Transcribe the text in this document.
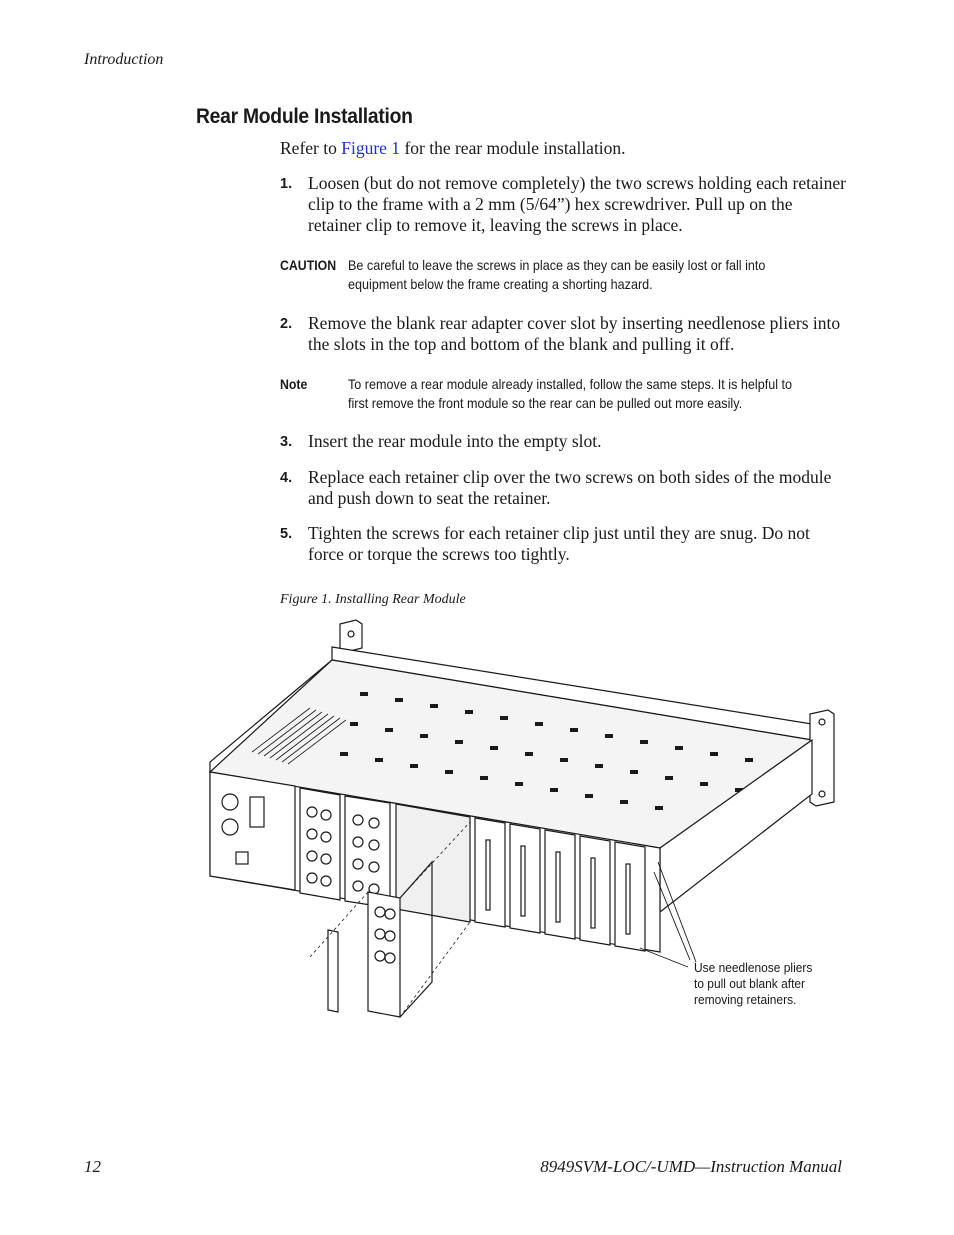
Introduction
Rear Module Installation
Refer to Figure 1 for the rear module installation.
1. Loosen (but do not remove completely) the two screws holding each retainer clip to the frame with a 2 mm (5/64”) hex screwdriver. Pull up on the retainer clip to remove it, leaving the screws in place.
CAUTION Be careful to leave the screws in place as they can be easily lost or fall into equipment below the frame creating a shorting hazard.
2. Remove the blank rear adapter cover slot by inserting needlenose pliers into the slots in the top and bottom of the blank and pulling it off.
Note	To remove a rear module already installed, follow the same steps. It is helpful to first remove the front module so the rear can be pulled out more easily.
3. Insert the rear module into the empty slot.
4. Replace each retainer clip over the two screws on both sides of the module and push down to seat the retainer.
5. Tighten the screws for each retainer clip just until they are snug. Do not force or torque the screws too tightly.
Figure 1. Installing Rear Module
Use needlenose pliers
to pull out blank after
removing retainers.
12	8949SVM-LOC/-UMD—Instruction Manual
